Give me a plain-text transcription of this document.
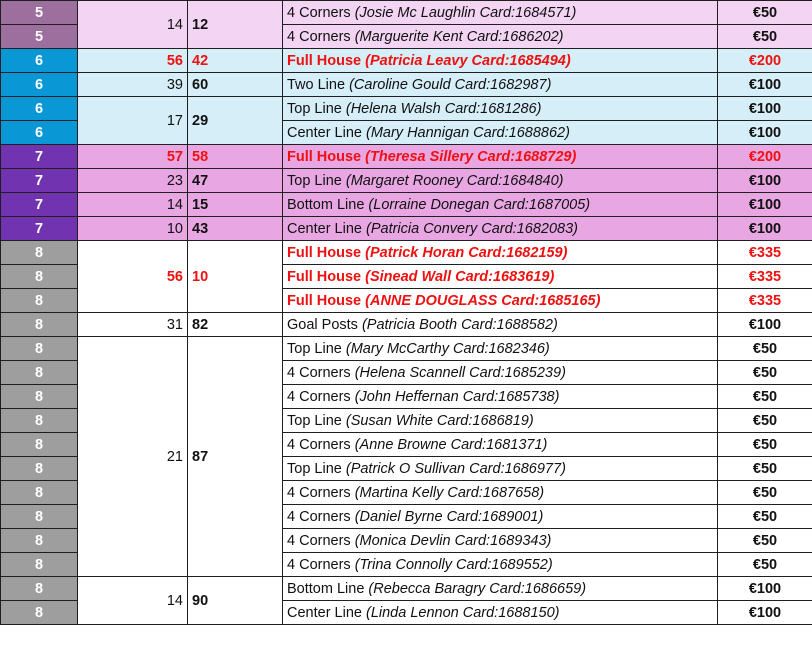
5	14	12	4 Corners (Josie Mc Laughlin Card:1684571)	€50
5			4 Corners (Marguerite Kent Card:1686202)	€50
6	56	42	Full House (Patricia Leavy Card:1685494)	€200
6	39	60	Two Line (Caroline Gould Card:1682987)	€100
6	17	29	Top Line (Helena Walsh Card:1681286)	€100
6			Center Line (Mary Hannigan Card:1688862)	€100
7	57	58	Full House (Theresa Sillery Card:1688729)	€200
7	23	47	Top Line (Margaret Rooney Card:1684840)	€100
7	14	15	Bottom Line (Lorraine Donegan Card:1687005)	€100
7	10	43	Center Line (Patricia Convery Card:1682083)	€100
8	56	10	Full House (Patrick Horan Card:1682159)	€335
8			Full House (Sinead Wall Card:1683619)	€335
8			Full House (ANNE DOUGLASS Card:1685165)	€335
8	31	82	Goal Posts (Patricia Booth Card:1688582)	€100
8	21	87	Top Line (Mary McCarthy Card:1682346)	€50
8			4 Corners (Helena Scannell Card:1685239)	€50
8			4 Corners (John Heffernan Card:1685738)	€50
8			Top Line (Susan White Card:1686819)	€50
8			4 Corners (Anne Browne Card:1681371)	€50
8			Top Line (Patrick O Sullivan Card:1686977)	€50
8			4 Corners (Martina Kelly Card:1687658)	€50
8			4 Corners (Daniel Byrne Card:1689001)	€50
8			4 Corners (Monica Devlin Card:1689343)	€50
8			4 Corners (Trina Connolly Card:1689552)	€50
8	14	90	Bottom Line (Rebecca Baragry Card:1686659)	€100
8			Center Line (Linda Lennon Card:1688150)	€100
